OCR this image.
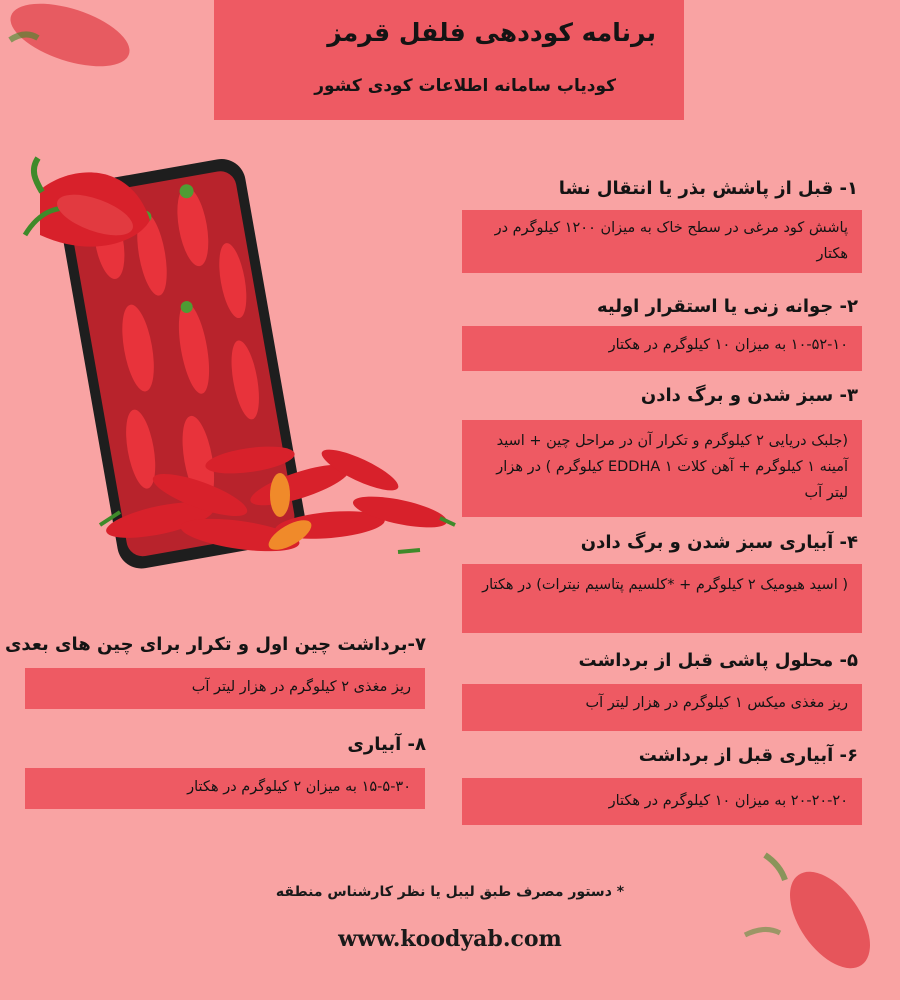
برنامه کوددهی فلفل قرمز
کودیاب سامانه اطلاعات کودی کشور
۱- قبل از پاشش بذر یا انتقال نشا
پاشش کود مرغی در سطح خاک به میزان ۱۲۰۰ کیلوگرم در هکتار
۲- جوانه زنی یا استقرار اولیه
۱۰-۵۲-۱۰ به میزان ۱۰ کیلوگرم در هکتار
۳- سبز شدن و برگ دادن
(جلبک دریایی ۲ کیلوگرم و تکرار آن در مراحل چین + اسید آمینه ۱ کیلوگرم + آهن کلات EDDHA ۱ کیلوگرم ) در هزار لیتر آب
۴- آبیاری سبز شدن و برگ دادن
( اسید هیومیک ۲ کیلوگرم + *کلسیم پتاسیم نیترات) در هکتار
۵- محلول پاشی قبل از برداشت
ریز مغذی میکس ۱ کیلوگرم در هزار لیتر آب
۶- آبیاری قبل از برداشت
۲۰-۲۰-۲۰ به میزان ۱۰ کیلوگرم در هکتار
۷-برداشت چین اول و تکرار برای چین های بعدی
ریز مغذی ۲ کیلوگرم در هزار لیتر آب
۸- آبیاری
۱۵-۵-۳۰ به میزان ۲ کیلوگرم در هکتار
* دستور مصرف طبق لیبل یا نظر کارشناس منطقه
www.koodyab.com
